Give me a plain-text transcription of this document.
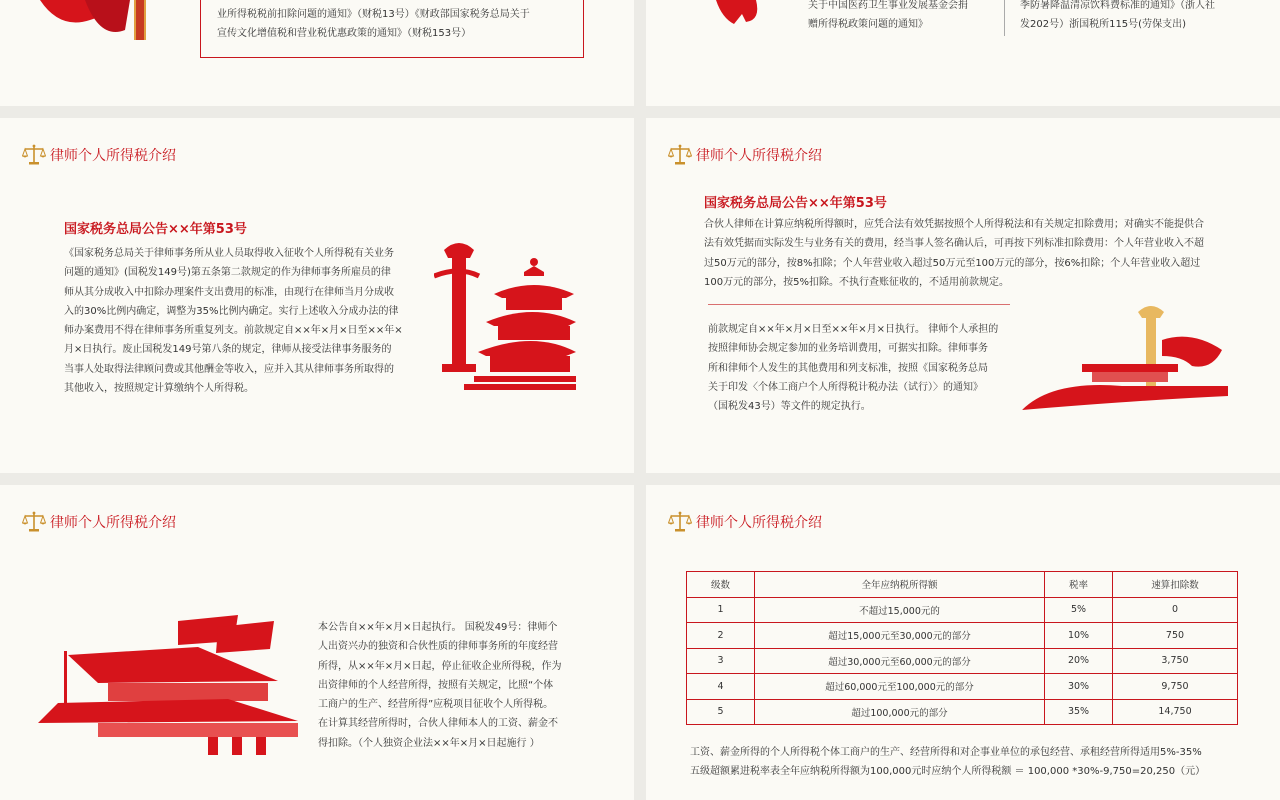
业所得税税前扣除问题的通知》（财税13号）《财政部国家税务总局关于
宣传文化增值税和营业税优惠政策的通知》（财税153号）
关于中国医药卫生事业发展基金会捐
赠所得税政策问题的通知》
季防暑降温清凉饮料费标准的通知》（浙人社
发202号）浙国税所115号(劳保支出)
律师个人所得税介绍
国家税务总局公告××年第53号
《国家税务总局关于律师事务所从业人员取得收入征收个人所得税有关业务
问题的通知》(国税发149号)第五条第二款规定的作为律师事务所雇员的律
师从其分成收入中扣除办理案件支出费用的标准，由现行在律师当月分成收
入的30%比例内确定，调整为35%比例内确定。实行上述收入分成办法的律
师办案费用不得在律师事务所重复列支。前款规定自××年×月×日至××年×
月×日执行。废止国税发149号第八条的规定，律师从接受法律事务服务的
当事人处取得法律顾问费或其他酬金等收入，应并入其从律师事务所取得的
其他收入，按照规定计算缴纳个人所得税。
律师个人所得税介绍
国家税务总局公告××年第53号
合伙人律师在计算应纳税所得额时，应凭合法有效凭据按照个人所得税法和有关规定扣除费用；对确实不能提供合
法有效凭据而实际发生与业务有关的费用，经当事人签名确认后，可再按下列标准扣除费用：个人年营业收入不超
过50万元的部分，按8%扣除；个人年营业收入超过50万元至100万元的部分，按6%扣除；个人年营业收入超过
100万元的部分，按5%扣除。不执行查账征收的，不适用前款规定。
前款规定自××年×月×日至××年×月×日执行。 律师个人承担的
按照律师协会规定参加的业务培训费用，可据实扣除。律师事务
所和律师个人发生的其他费用和列支标准，按照《国家税务总局
关于印发〈个体工商户个人所得税计税办法（试行）〉的通知》
（国税发43号）等文件的规定执行。
律师个人所得税介绍
本公告自××年×月×日起执行。 国税发49号：律师个
人出资兴办的独资和合伙性质的律师事务所的年度经营
所得，从××年×月×日起，停止征收企业所得税，作为
出资律师的个人经营所得，按照有关规定，比照“个体
工商户的生产、经营所得”应税项目征收个人所得税。
在计算其经营所得时，合伙人律师本人的工资、薪金不
得扣除。（个人独资企业法××年×月×日起施行 ）
律师个人所得税介绍
级数	全年应纳税所得额	税率	速算扣除数
1	不超过15,000元的	5%	0
2	超过15,000元至30,000元的部分	10%	750
3	超过30,000元至60,000元的部分	20%	3,750
4	超过60,000元至100,000元的部分	30%	9,750
5	超过100,000元的部分	35%	14,750
工资、薪金所得的个人所得税个体工商户的生产、经营所得和对企事业单位的承包经营、承租经营所得适用5%-35%
五级超额累进税率表全年应纳税所得额为100,000元时应纳个人所得税额 ＝ 100,000 *30%-9,750=20,250（元）
